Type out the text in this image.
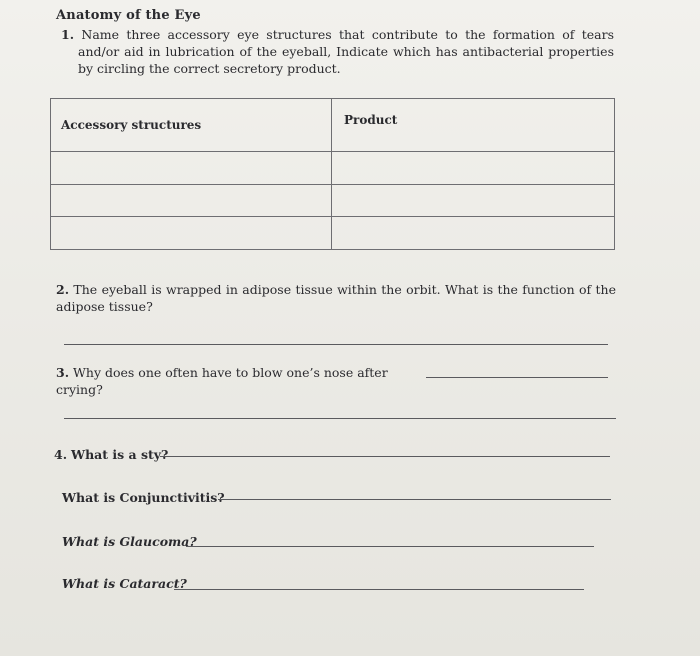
Anatomy of the Eye
1. Name three accessory eye structures that contribute to the formation of tears and/or aid in lubrication of the eyeball, Indicate which has antibacterial properties by circling the correct secretory product.
Accessory structures	Product

2. The eyeball is wrapped in adipose tissue within the orbit. What is the function of the adipose tissue?
3. Why does one often have to blow one’s nose after crying?
4. What is a sty?
What is Conjunctivitis?
What is Glaucoma?
What is Cataract?
